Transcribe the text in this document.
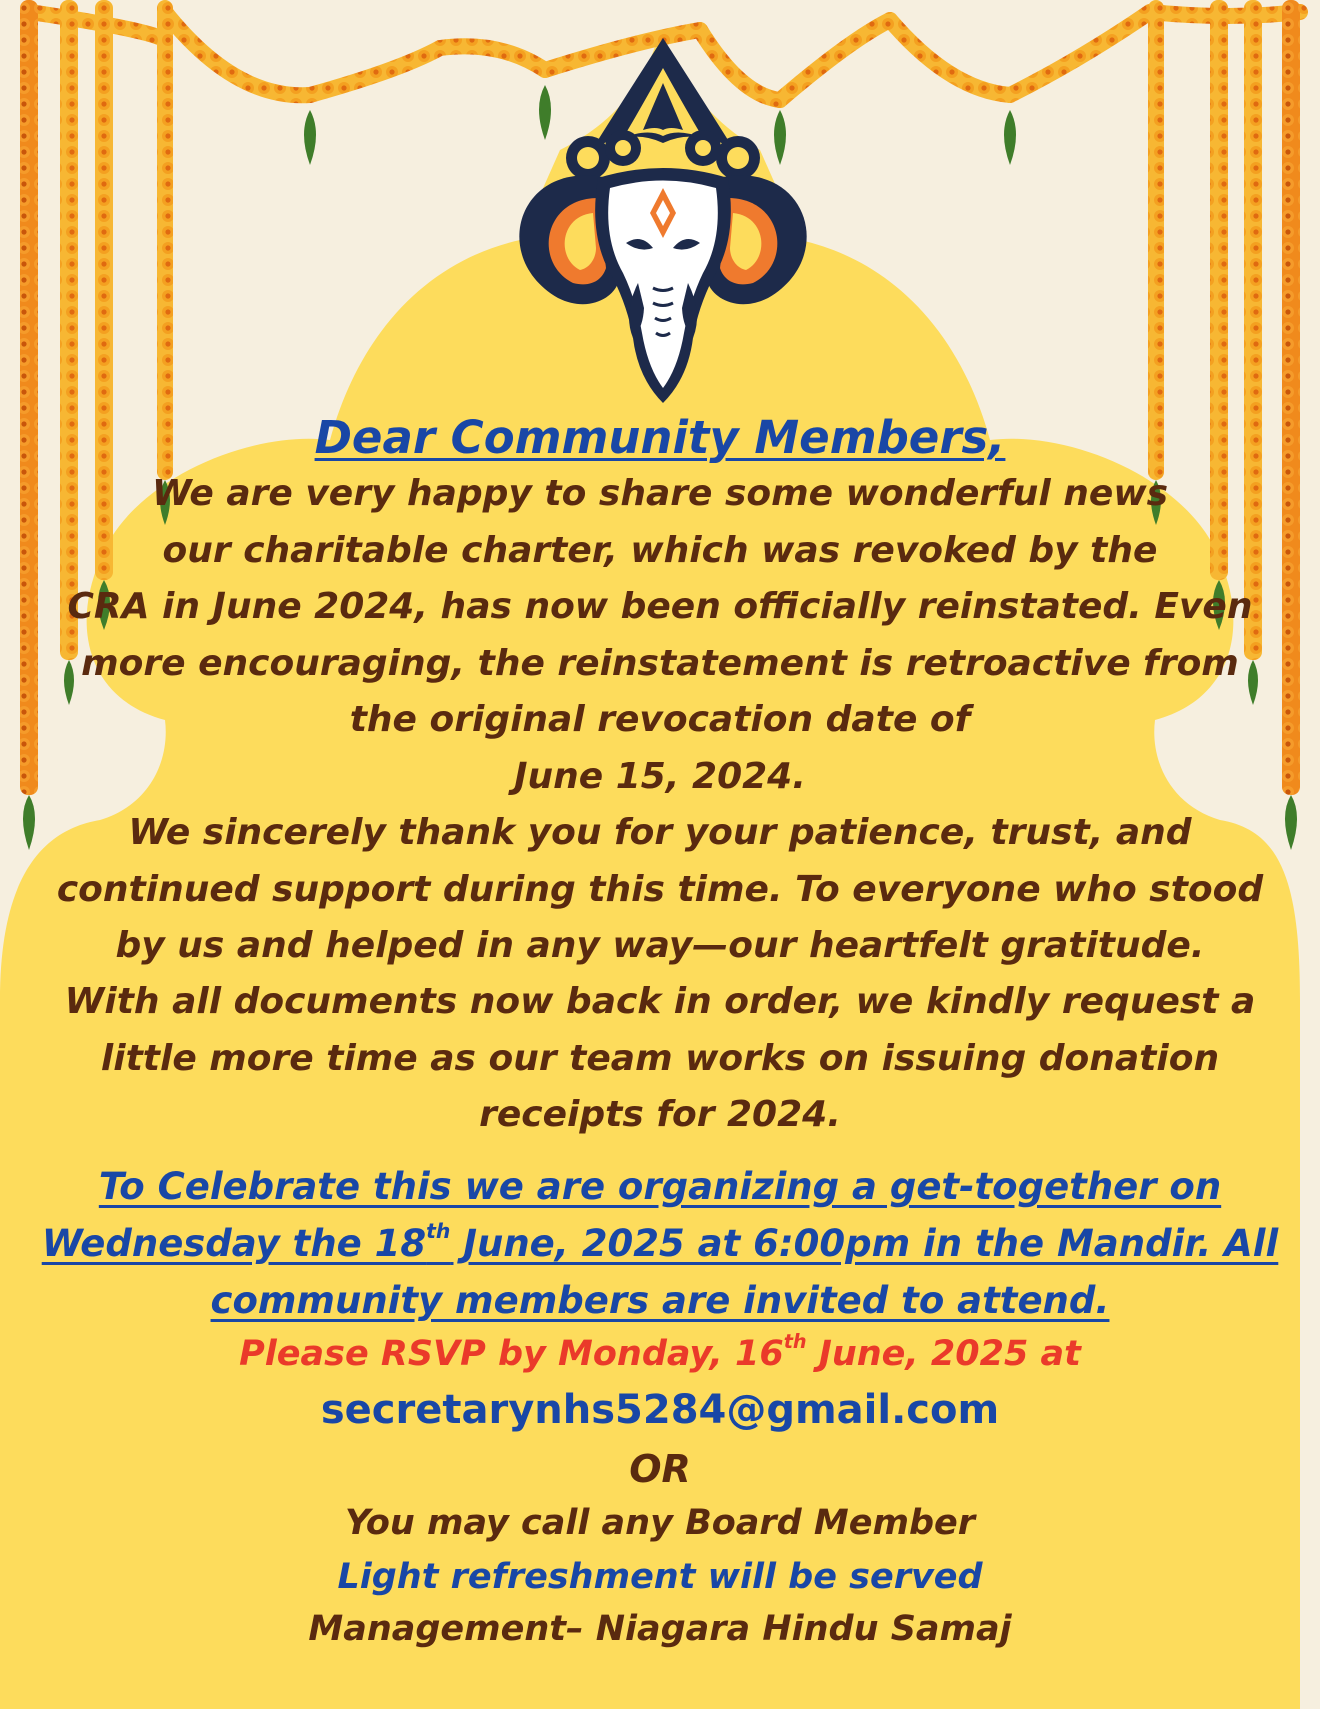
Dear Community Members,
We are very happy to share some wonderful news
our charitable charter, which was revoked by the
CRA in June 2024, has now been officially reinstated. Even
more encouraging, the reinstatement is retroactive from
the original revocation date of
June 15, 2024.
We sincerely thank you for your patience, trust, and
continued support during this time. To everyone who stood
by us and helped in any way—our heartfelt gratitude.
With all documents now back in order, we kindly request a
little more time as our team works on issuing donation
receipts for 2024.
To Celebrate this we are organizing a get-together on
Wednesday the 18th June, 2025 at 6:00pm in the Mandir. All
community members are invited to attend.
Please RSVP by Monday, 16th June, 2025 at
secretarynhs5284@gmail.com
OR
You may call any Board Member
Light refreshment will be served
Management– Niagara Hindu Samaj
